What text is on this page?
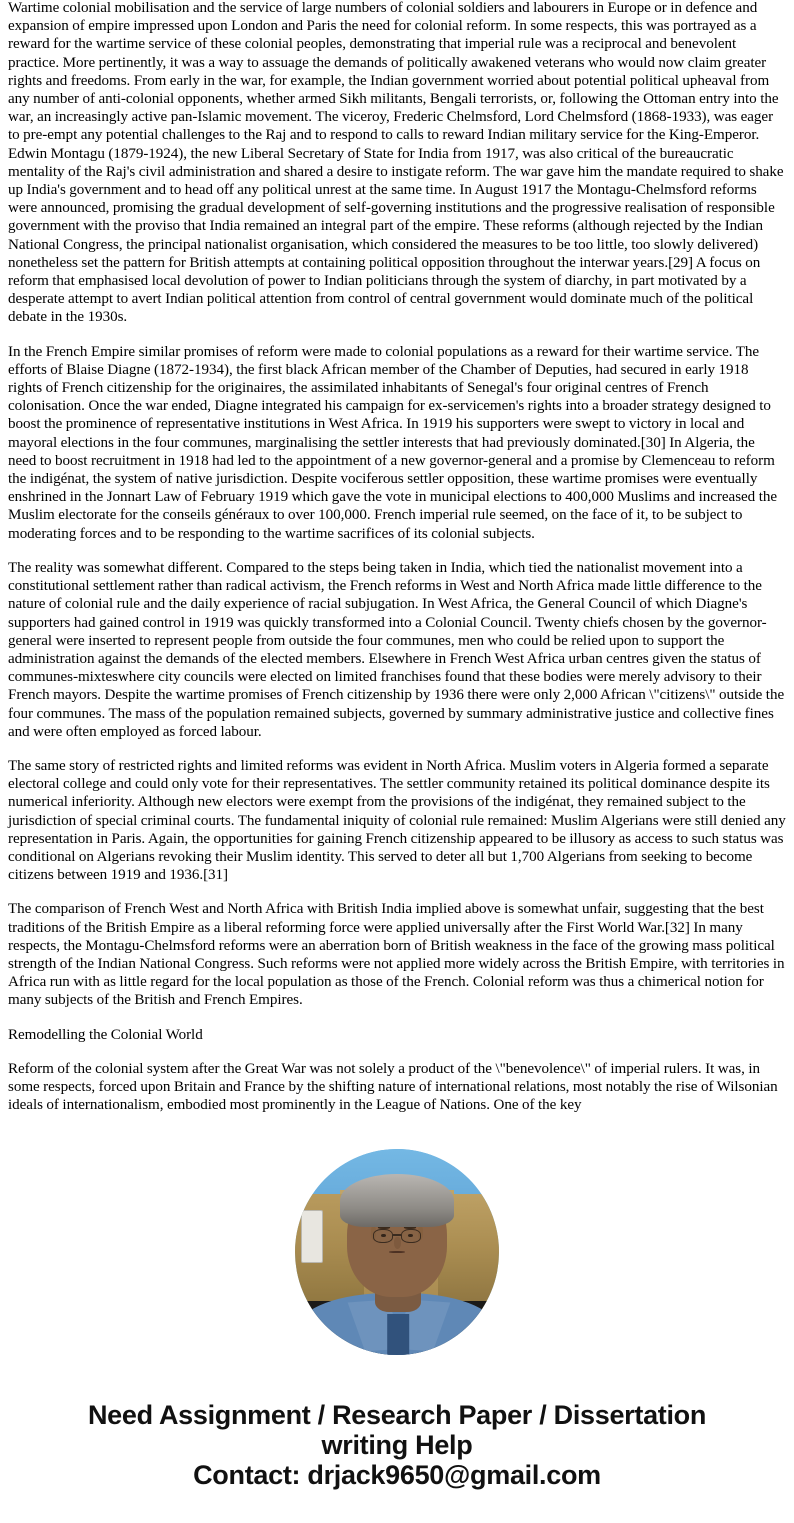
Wartime colonial mobilisation and the service of large numbers of colonial soldiers and labourers in Europe or in defence and expansion of empire impressed upon London and Paris the need for colonial reform. In some respects, this was portrayed as a reward for the wartime service of these colonial peoples, demonstrating that imperial rule was a reciprocal and benevolent practice. More pertinently, it was a way to assuage the demands of politically awakened veterans who would now claim greater rights and freedoms. From early in the war, for example, the Indian government worried about potential political upheaval from any number of anti-colonial opponents, whether armed Sikh militants, Bengali terrorists, or, following the Ottoman entry into the war, an increasingly active pan-Islamic movement. The viceroy, Frederic Chelmsford, Lord Chelmsford (1868-1933), was eager to pre-empt any potential challenges to the Raj and to respond to calls to reward Indian military service for the King-Emperor. Edwin Montagu (1879-1924), the new Liberal Secretary of State for India from 1917, was also critical of the bureaucratic mentality of the Raj's civil administration and shared a desire to instigate reform. The war gave him the mandate required to shake up India's government and to head off any political unrest at the same time. In August 1917 the Montagu-Chelmsford reforms were announced, promising the gradual development of self-governing institutions and the progressive realisation of responsible government with the proviso that India remained an integral part of the empire. These reforms (although rejected by the Indian National Congress, the principal nationalist organisation, which considered the measures to be too little, too slowly delivered) nonetheless set the pattern for British attempts at containing political opposition throughout the interwar years.[29] A focus on reform that emphasised local devolution of power to Indian politicians through the system of diarchy, in part motivated by a desperate attempt to avert Indian political attention from control of central government would dominate much of the political debate in the 1930s.

In the French Empire similar promises of reform were made to colonial populations as a reward for their wartime service. The efforts of Blaise Diagne (1872-1934), the first black African member of the Chamber of Deputies, had secured in early 1918 rights of French citizenship for the originaires, the assimilated inhabitants of Senegal's four original centres of French colonisation. Once the war ended, Diagne integrated his campaign for ex-servicemen's rights into a broader strategy designed to boost the prominence of representative institutions in West Africa. In 1919 his supporters were swept to victory in local and mayoral elections in the four communes, marginalising the settler interests that had previously dominated.[30] In Algeria, the need to boost recruitment in 1918 had led to the appointment of a new governor-general and a promise by Clemenceau to reform the indigénat, the system of native jurisdiction. Despite vociferous settler opposition, these wartime promises were eventually enshrined in the Jonnart Law of February 1919 which gave the vote in municipal elections to 400,000 Muslims and increased the Muslim electorate for the conseils généraux to over 100,000. French imperial rule seemed, on the face of it, to be subject to moderating forces and to be responding to the wartime sacrifices of its colonial subjects.

The reality was somewhat different. Compared to the steps being taken in India, which tied the nationalist movement into a constitutional settlement rather than radical activism, the French reforms in West and North Africa made little difference to the nature of colonial rule and the daily experience of racial subjugation. In West Africa, the General Council of which Diagne's supporters had gained control in 1919 was quickly transformed into a Colonial Council. Twenty chiefs chosen by the governor-general were inserted to represent people from outside the four communes, men who could be relied upon to support the administration against the demands of the elected members. Elsewhere in French West Africa urban centres given the status of communes-mixteswhere city councils were elected on limited franchises found that these bodies were merely advisory to their French mayors. Despite the wartime promises of French citizenship by 1936 there were only 2,000 African \"citizens\" outside the four communes. The mass of the population remained subjects, governed by summary administrative justice and collective fines and were often employed as forced labour.

The same story of restricted rights and limited reforms was evident in North Africa. Muslim voters in Algeria formed a separate electoral college and could only vote for their representatives. The settler community retained its political dominance despite its numerical inferiority. Although new electors were exempt from the provisions of the indigénat, they remained subject to the jurisdiction of special criminal courts. The fundamental iniquity of colonial rule remained: Muslim Algerians were still denied any representation in Paris. Again, the opportunities for gaining French citizenship appeared to be illusory as access to such status was conditional on Algerians revoking their Muslim identity. This served to deter all but 1,700 Algerians from seeking to become citizens between 1919 and 1936.[31]

The comparison of French West and North Africa with British India implied above is somewhat unfair, suggesting that the best traditions of the British Empire as a liberal reforming force were applied universally after the First World War.[32] In many respects, the Montagu-Chelmsford reforms were an aberration born of British weakness in the face of the growing mass political strength of the Indian National Congress. Such reforms were not applied more widely across the British Empire, with territories in Africa run with as little regard for the local population as those of the French. Colonial reform was thus a chimerical notion for many subjects of the British and French Empires.

Remodelling the Colonial World

Reform of the colonial system after the Great War was not solely a product of the \"benevolence\" of imperial rulers. It was, in some respects, forced upon Britain and France by the shifting nature of international relations, most notably the rise of Wilsonian ideals of internationalism, embodied most prominently in the League of Nations. One of the key

Need Assignment / Research Paper / Dissertation
writing Help
Contact: drjack9650@gmail.com
